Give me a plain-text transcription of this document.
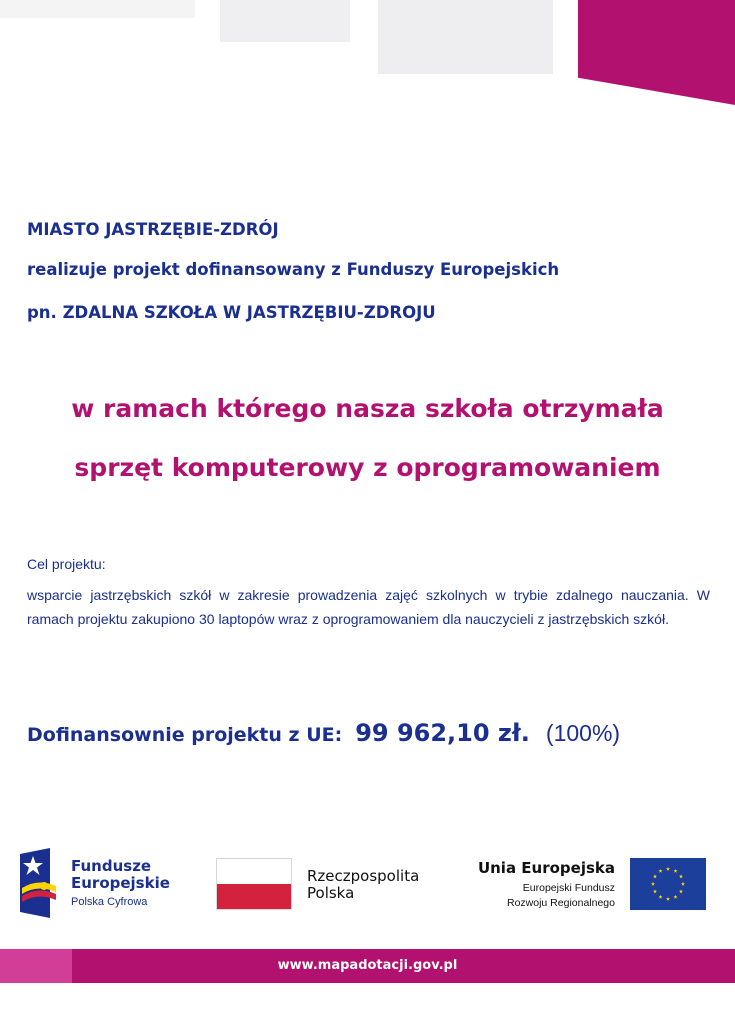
MIASTO JASTRZĘBIE-ZDRÓJ
realizuje projekt dofinansowany z Funduszy Europejskich
pn. ZDALNA SZKOŁA W JASTRZĘBIU-ZDROJU
w ramach którego nasza szkoła otrzymała
sprzęt komputerowy z oprogramowaniem
Cel projektu:
wsparcie jastrzębskich szkół w zakresie prowadzenia zajęć szkolnych w trybie zdalnego nauczania. W ramach projektu zakupiono 30 laptopów wraz z oprogramowaniem dla nauczycieli z jastrzębskich szkół.
Dofinansownie projektu z UE: 99 962,10 zł. (100%)
Fundusze
Europejskie
Polska Cyfrowa
Rzeczpospolita
Polska
Unia Europejska
Europejski Fundusz
Rozwoju Regionalnego
www.mapadotacji.gov.pl
